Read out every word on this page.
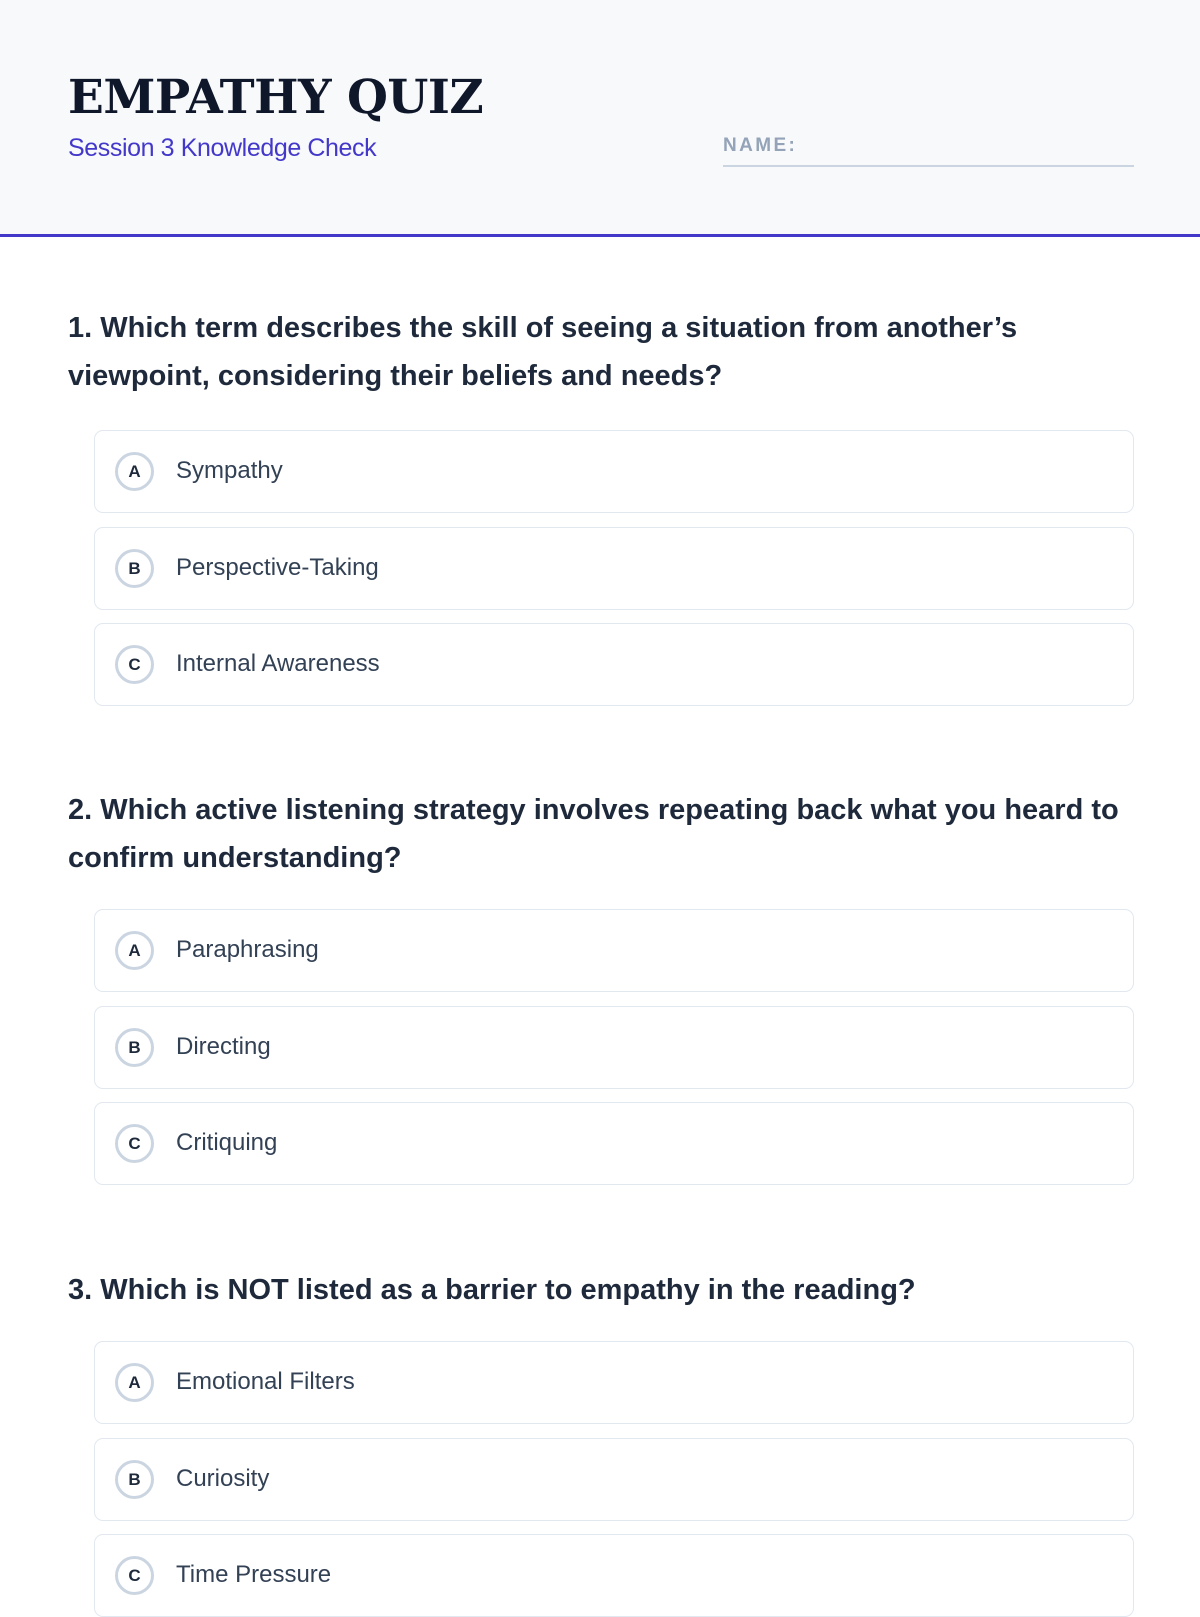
EMPATHY QUIZ
Session 3 Knowledge Check	NAME:
1. Which term describes the skill of seeing a situation from another’s viewpoint, considering their beliefs and needs?
A	Sympathy
B	Perspective-Taking
C	Internal Awareness
2. Which active listening strategy involves repeating back what you heard to confirm understanding?
A	Paraphrasing
B	Directing
C	Critiquing
3. Which is NOT listed as a barrier to empathy in the reading?
A	Emotional Filters
B	Curiosity
C	Time Pressure
